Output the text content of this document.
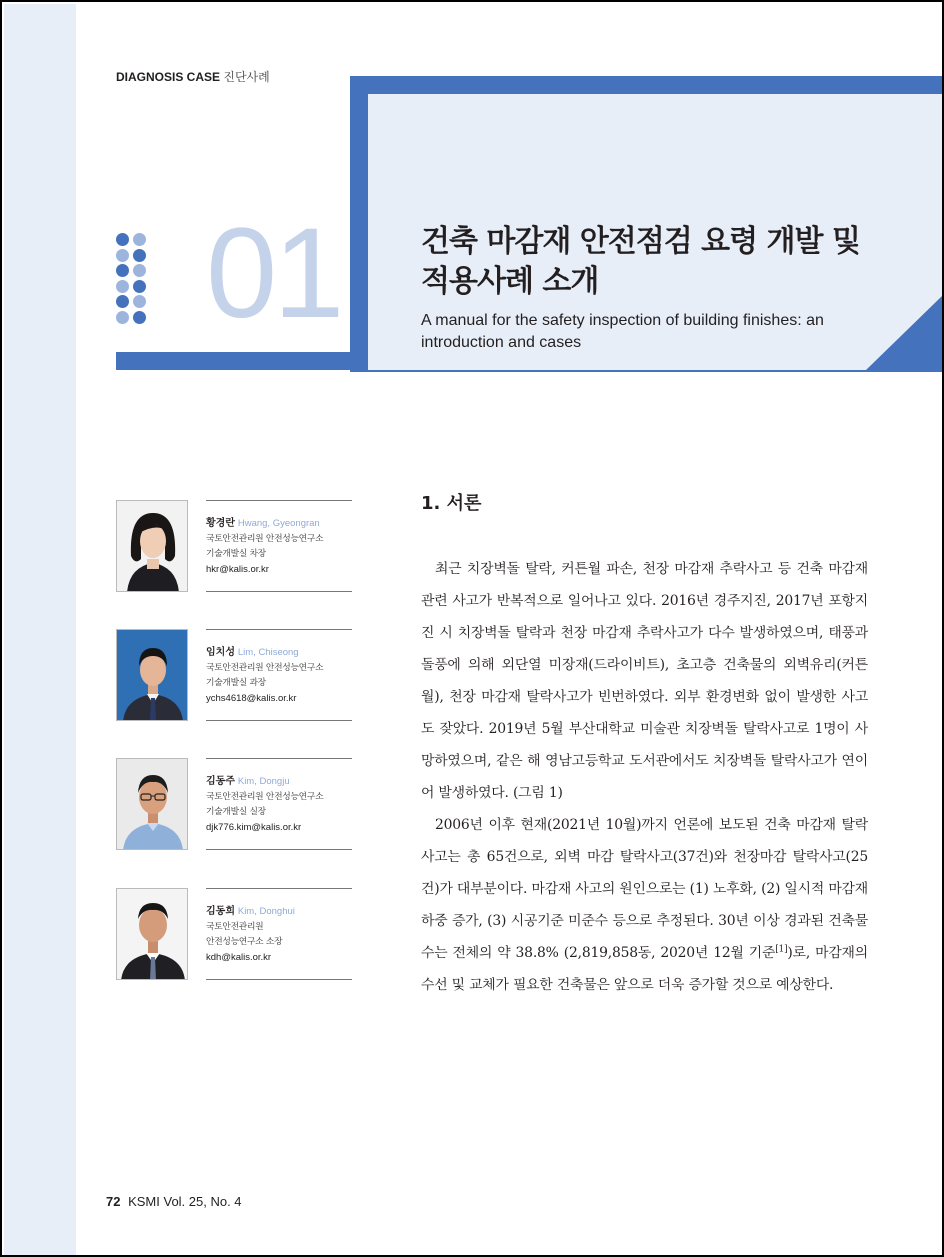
DIAGNOSIS CASE 진단사례
01	건축 마감재 안전점검 요령 개발 및 적용사례 소개
A manual for the safety inspection of building finishes: an introduction and cases
황경란 Hwang, Gyeongran
국토안전관리원 안전성능연구소
기술개발실 차장
hkr@kalis.or.kr
임치성 Lim, Chiseong
국토안전관리원 안전성능연구소
기술개발실 과장
ychs4618@kalis.or.kr
김동주 Kim, Dongju
국토안전관리원 안전성능연구소
기술개발실 실장
djk776.kim@kalis.or.kr
김동희 Kim, Donghui
국토안전관리원
안전성능연구소 소장
kdh@kalis.or.kr
1. 서론

최근 치장벽돌 탈락, 커튼월 파손, 천장 마감재 추락사고 등 건축 마감재 관련 사고가 반복적으로 일어나고 있다. 2016년 경주지진, 2017년 포항지진 시 치장벽돌 탈락과 천장 마감재 추락사고가 다수 발생하였으며, 태풍과 돌풍에 의해 외단열 미장재(드라이비트), 초고층 건축물의 외벽유리(커튼월), 천장 마감재 탈락사고가 빈번하였다. 외부 환경변화 없이 발생한 사고도 잦았다. 2019년 5월 부산대학교 미술관 치장벽돌 탈락사고로 1명이 사망하였으며, 같은 해 영남고등학교 도서관에서도 치장벽돌 탈락사고가 연이어 발생하였다. (그림 1)

2006년 이후 현재(2021년 10월)까지 언론에 보도된 건축 마감재 탈락사고는 총 65건으로, 외벽 마감 탈락사고(37건)와 천장마감 탈락사고(25건)가 대부분이다. 마감재 사고의 원인으로는 (1) 노후화, (2) 일시적 마감재 하중 증가, (3) 시공기준 미준수 등으로 추정된다. 30년 이상 경과된 건축물 수는 전체의 약 38.8% (2,819,858동, 2020년 12월 기준[1])로, 마감재의 수선 및 교체가 필요한 건축물은 앞으로 더욱 증가할 것으로 예상한다.

72 KSMI Vol. 25, No. 4
